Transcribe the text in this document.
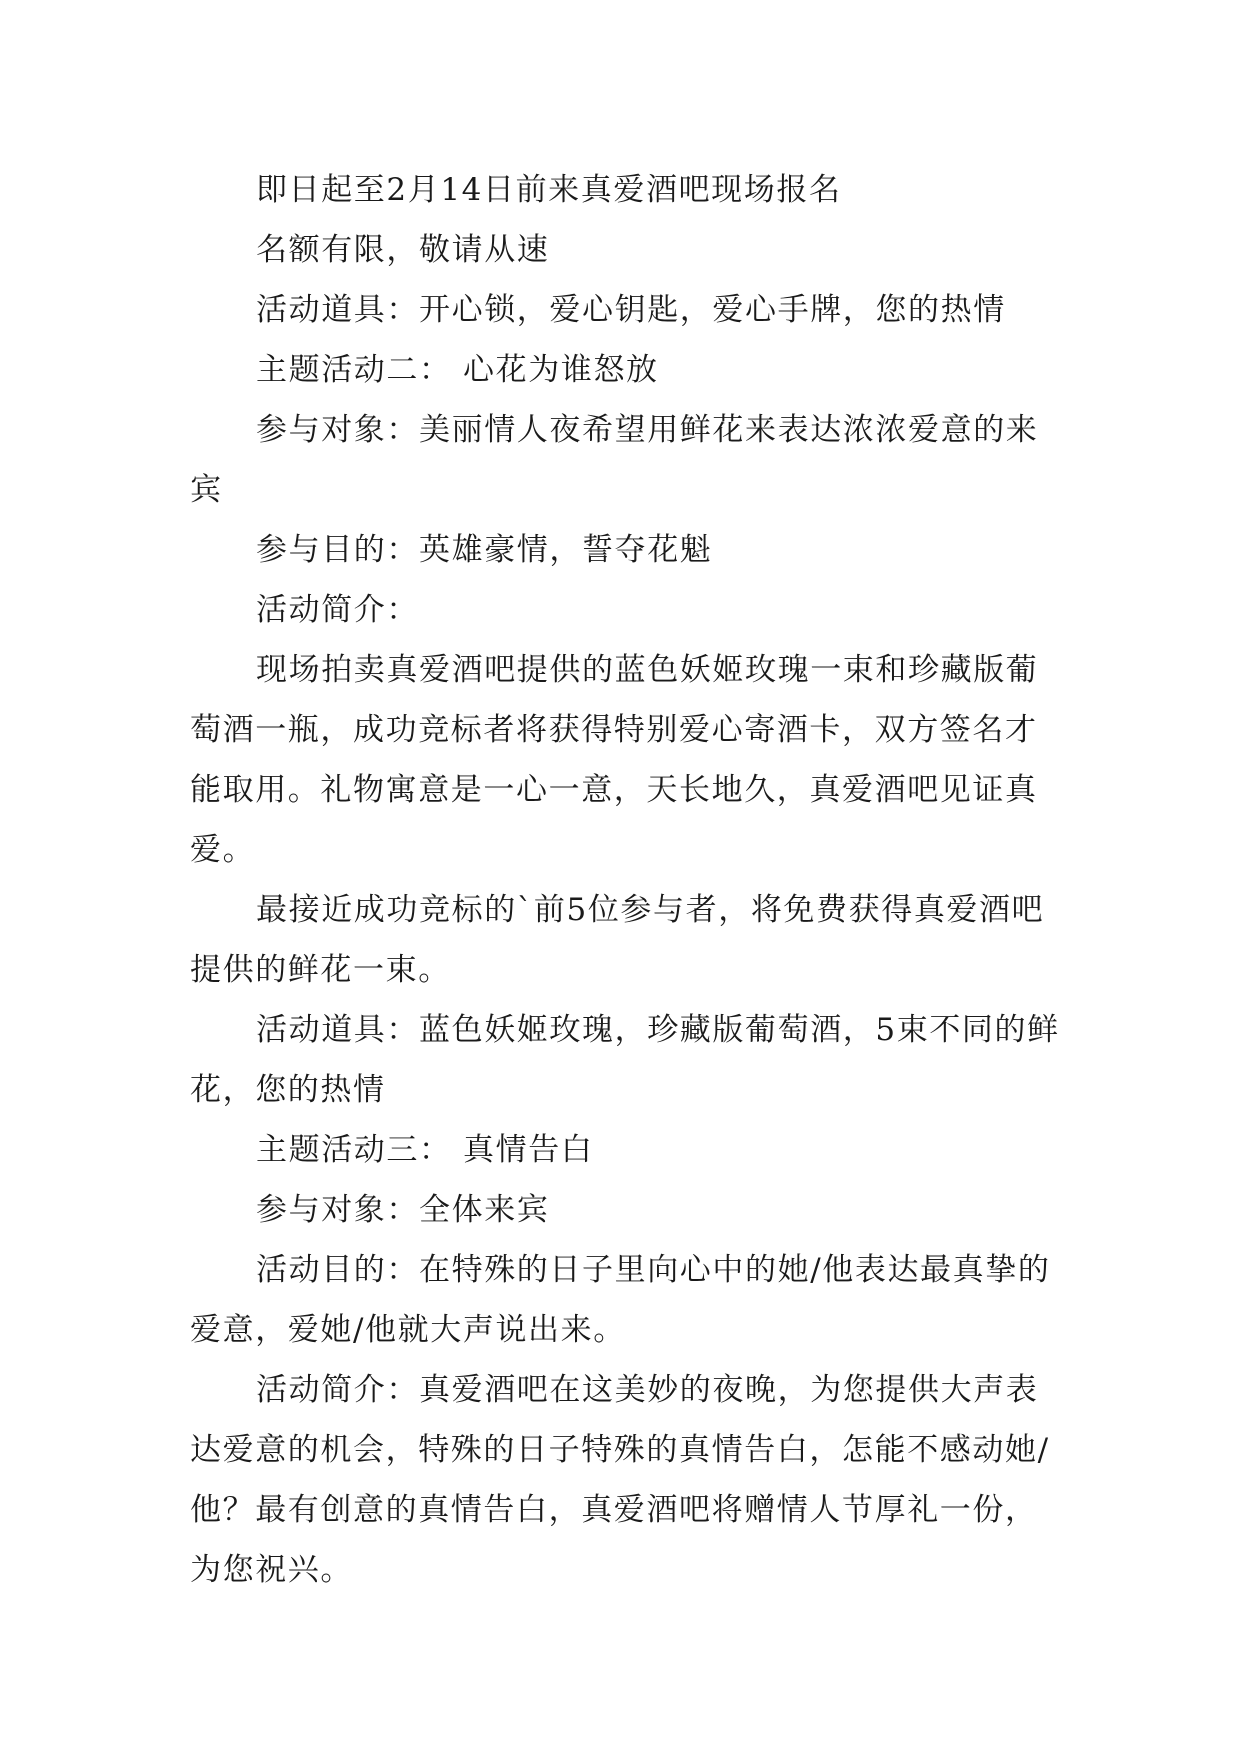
即日起至2月14日前来真爱酒吧现场报名

名额有限，敬请从速

活动道具：开心锁，爱心钥匙，爱心手牌，您的热情

主题活动二： 心花为谁怒放

参与对象：美丽情人夜希望用鲜花来表达浓浓爱意的来宾

参与目的：英雄豪情，誓夺花魁

活动简介：

现场拍卖真爱酒吧提供的蓝色妖姬玫瑰一束和珍藏版葡萄酒一瓶，成功竞标者将获得特别爱心寄酒卡，双方签名才能取用。礼物寓意是一心一意，天长地久，真爱酒吧见证真爱。

最接近成功竞标的`前5位参与者，将免费获得真爱酒吧提供的鲜花一束。

活动道具：蓝色妖姬玫瑰，珍藏版葡萄酒，5束不同的鲜花，您的热情

主题活动三： 真情告白

参与对象：全体来宾

活动目的：在特殊的日子里向心中的她/他表达最真挚的爱意，爱她/他就大声说出来。

活动简介：真爱酒吧在这美妙的夜晚，为您提供大声表达爱意的机会，特殊的日子特殊的真情告白，怎能不感动她/他？最有创意的真情告白，真爱酒吧将赠情人节厚礼一份，为您祝兴。
